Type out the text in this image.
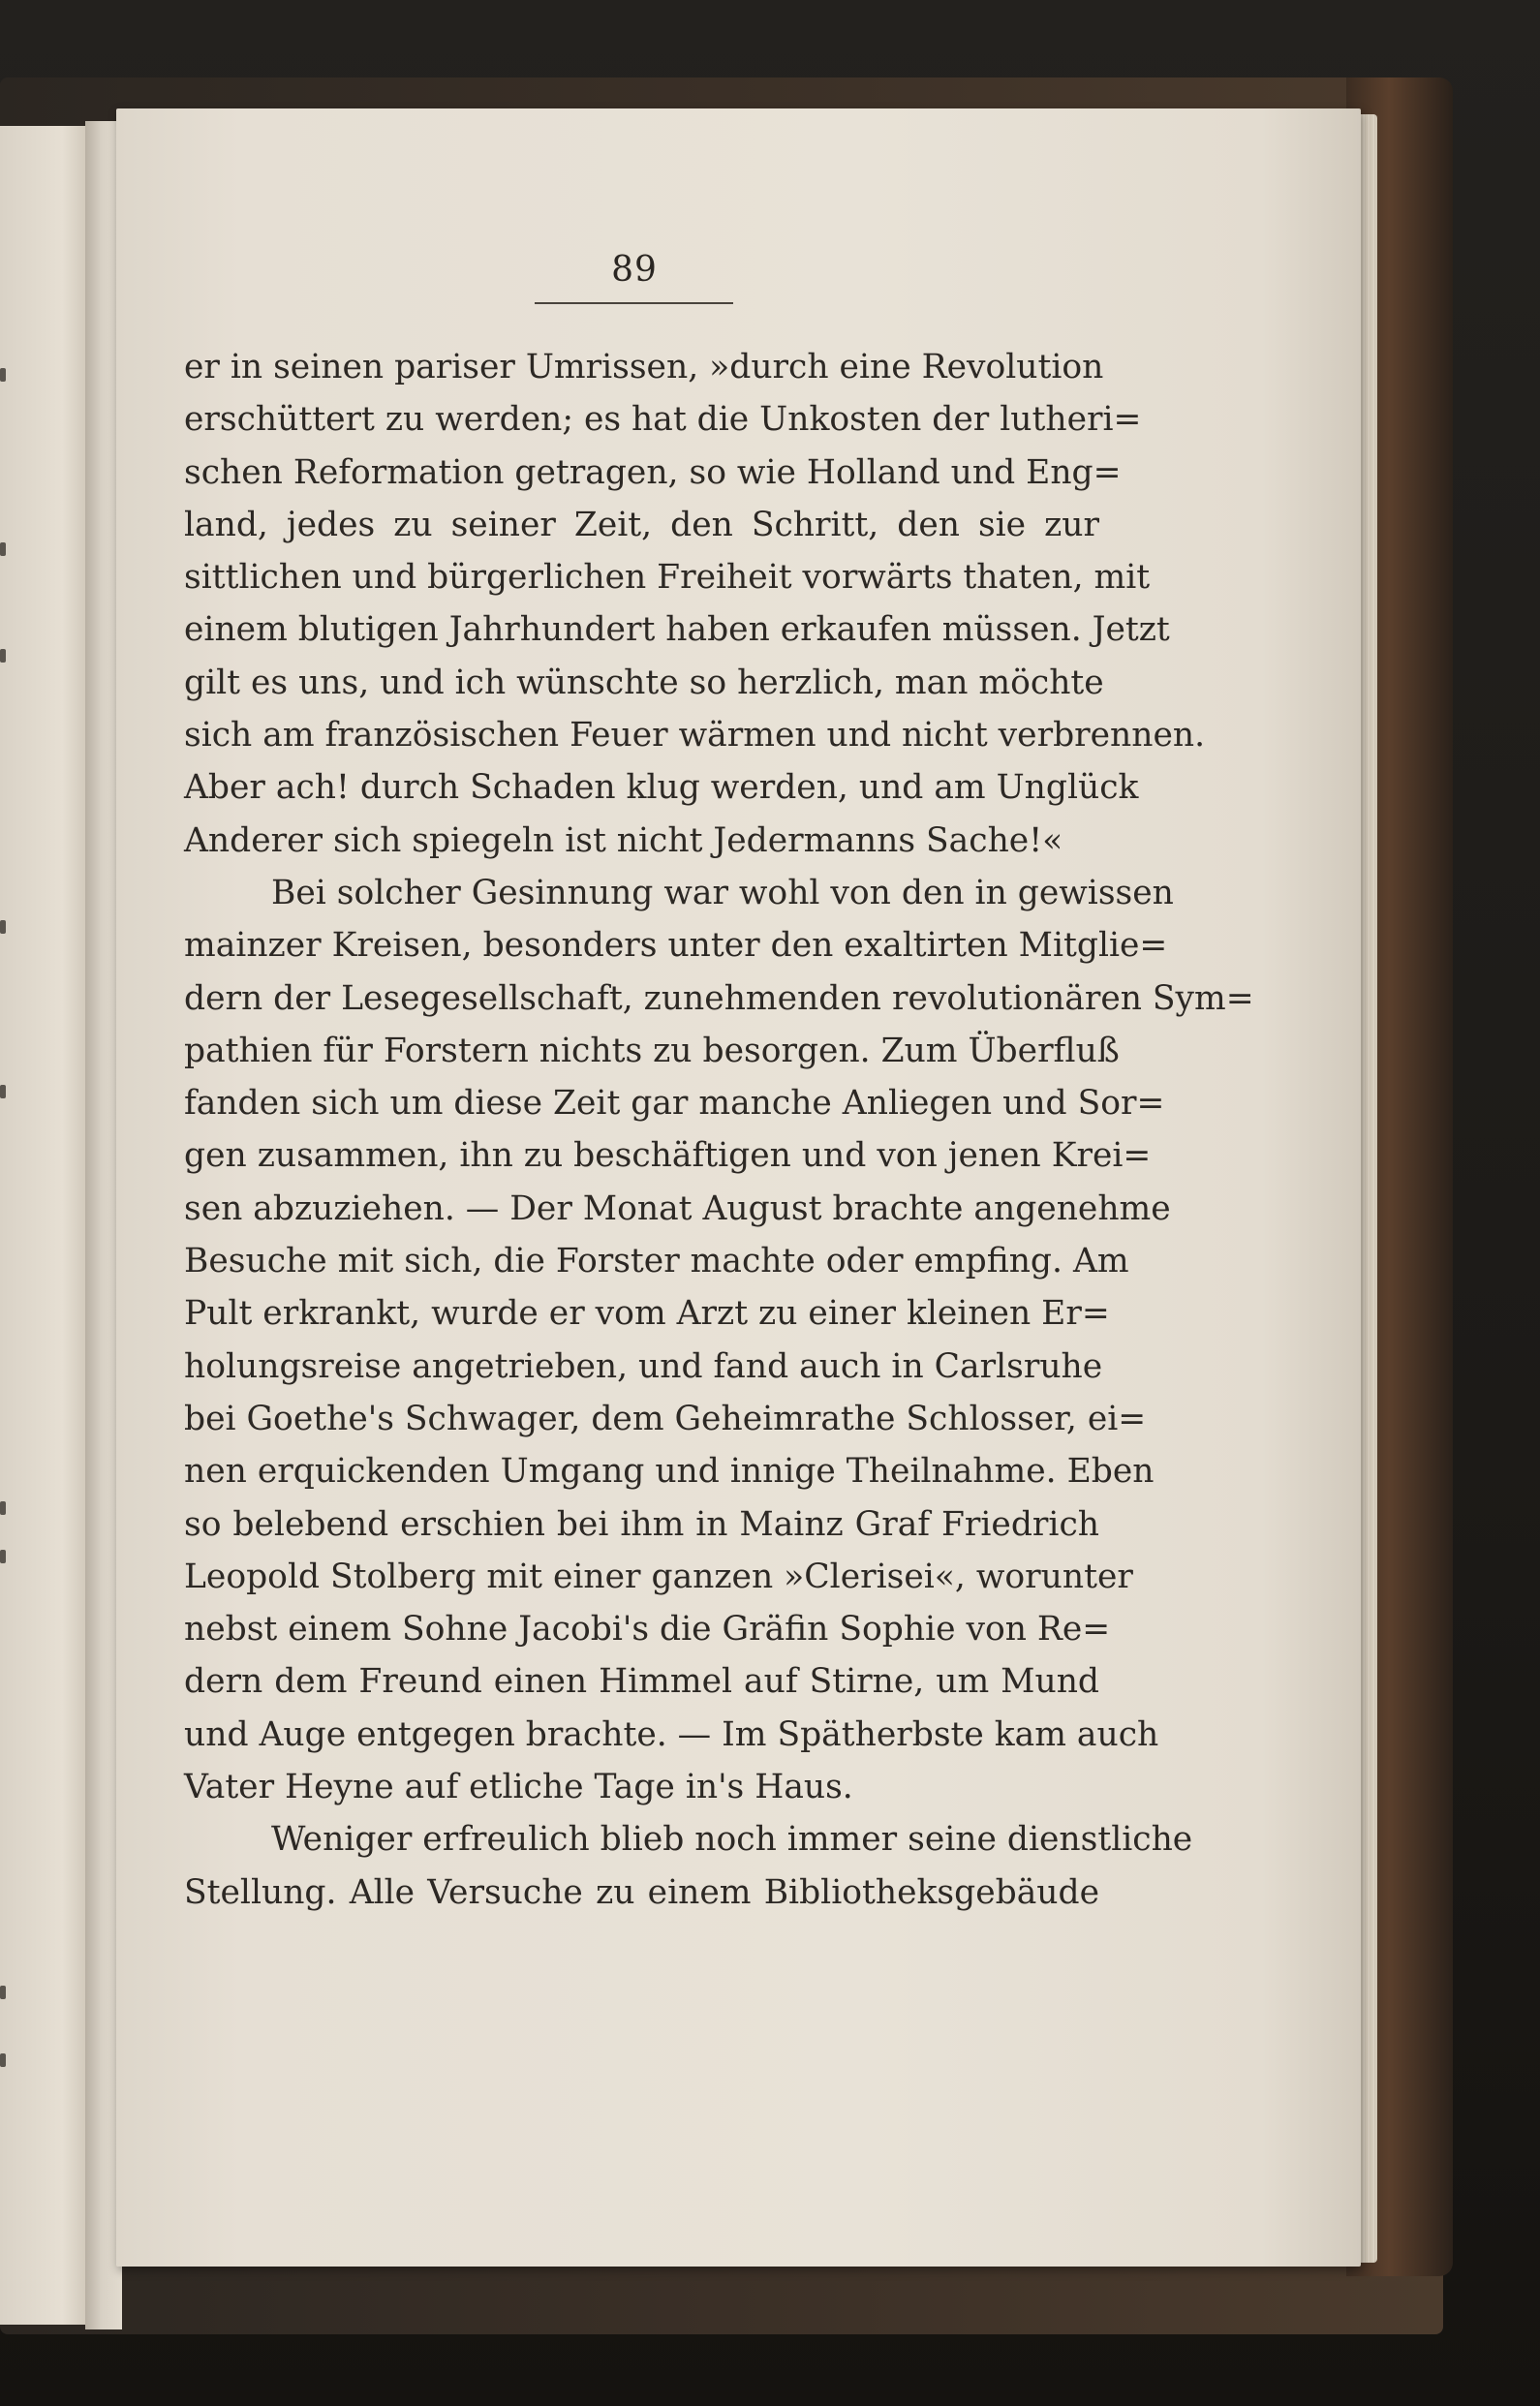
89
er in seinen pariser Umrissen, »durch eine Revolution
erschüttert zu werden; es hat die Unkosten der lutheri=
schen Reformation getragen, so wie Holland und Eng=
land, jedes zu seiner Zeit, den Schritt, den sie zur
sittlichen und bürgerlichen Freiheit vorwärts thaten, mit
einem blutigen Jahrhundert haben erkaufen müssen. Jetzt
gilt es uns, und ich wünschte so herzlich, man möchte
sich am französischen Feuer wärmen und nicht verbrennen.
Aber ach! durch Schaden klug werden, und am Unglück
Anderer sich spiegeln ist nicht Jedermanns Sache!«
Bei solcher Gesinnung war wohl von den in gewissen
mainzer Kreisen, besonders unter den exaltirten Mitglie=
dern der Lesegesellschaft, zunehmenden revolutionären Sym=
pathien für Forstern nichts zu besorgen. Zum Überfluß
fanden sich um diese Zeit gar manche Anliegen und Sor=
gen zusammen, ihn zu beschäftigen und von jenen Krei=
sen abzuziehen. — Der Monat August brachte angenehme
Besuche mit sich, die Forster machte oder empfing. Am
Pult erkrankt, wurde er vom Arzt zu einer kleinen Er=
holungsreise angetrieben, und fand auch in Carlsruhe
bei Goethe's Schwager, dem Geheimrathe Schlosser, ei=
nen erquickenden Umgang und innige Theilnahme. Eben
so belebend erschien bei ihm in Mainz Graf Friedrich
Leopold Stolberg mit einer ganzen »Clerisei«, worunter
nebst einem Sohne Jacobi's die Gräfin Sophie von Re=
dern dem Freund einen Himmel auf Stirne, um Mund
und Auge entgegen brachte. — Im Spätherbste kam auch
Vater Heyne auf etliche Tage in's Haus.
Weniger erfreulich blieb noch immer seine dienstliche
Stellung. Alle Versuche zu einem Bibliotheksgebäude
